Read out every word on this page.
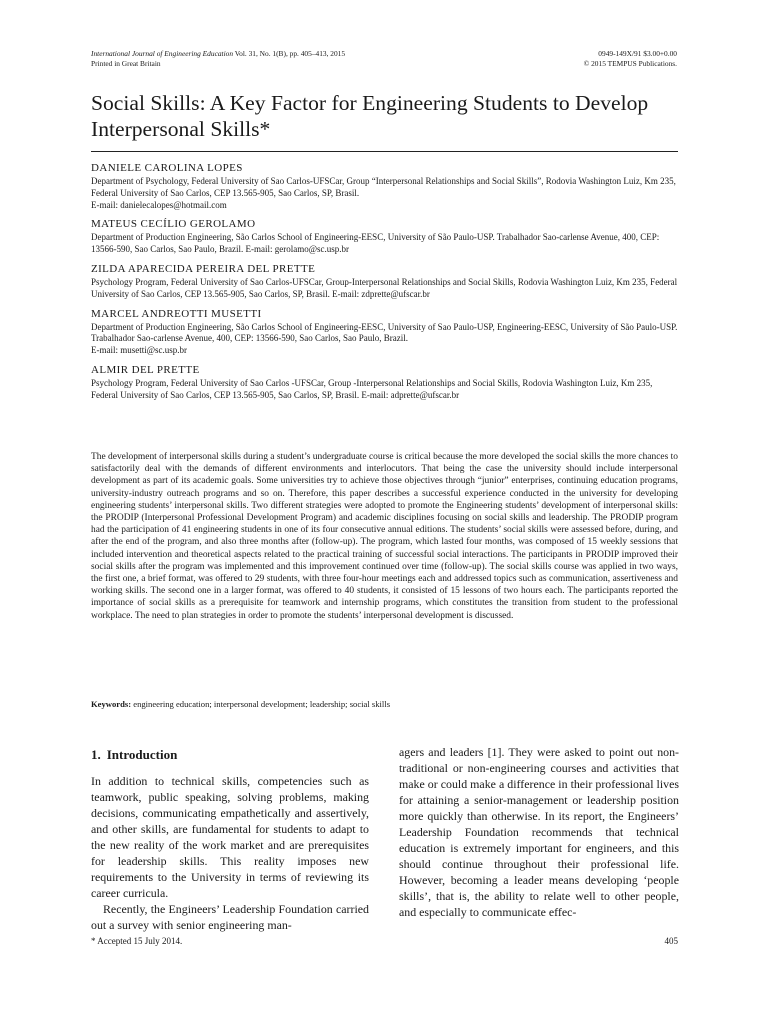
International Journal of Engineering Education Vol. 31, No. 1(B), pp. 405–413, 2015
Printed in Great Britain
0949-149X/91 $3.00+0.00
© 2015 TEMPUS Publications.
Social Skills: A Key Factor for Engineering Students to Develop Interpersonal Skills*
DANIELE CAROLINA LOPES
Department of Psychology, Federal University of Sao Carlos-UFSCar, Group “Interpersonal Relationships and Social Skills”, Rodovia Washington Luiz, Km 235, Federal University of Sao Carlos, CEP 13.565-905, Sao Carlos, SP, Brasil.
E-mail: danielecalopes@hotmail.com
MATEUS CECÍLIO GEROLAMO
Department of Production Engineering, São Carlos School of Engineering-EESC, University of São Paulo-USP. Trabalhador Sao-carlense Avenue, 400, CEP: 13566-590, Sao Carlos, Sao Paulo, Brazil. E-mail: gerolamo@sc.usp.br
ZILDA APARECIDA PEREIRA DEL PRETTE
Psychology Program, Federal University of Sao Carlos-UFSCar, Group-Interpersonal Relationships and Social Skills, Rodovia Washington Luiz, Km 235, Federal University of Sao Carlos, CEP 13.565-905, Sao Carlos, SP, Brasil. E-mail: zdprette@ufscar.br
MARCEL ANDREOTTI MUSETTI
Department of Production Engineering, São Carlos School of Engineering-EESC, University of Sao Paulo-USP, Engineering-EESC, University of São Paulo-USP. Trabalhador Sao-carlense Avenue, 400, CEP: 13566-590, Sao Carlos, Sao Paulo, Brazil.
E-mail: musetti@sc.usp.br
ALMIR DEL PRETTE
Psychology Program, Federal University of Sao Carlos -UFSCar, Group -Interpersonal Relationships and Social Skills, Rodovia Washington Luiz, Km 235, Federal University of Sao Carlos, CEP 13.565-905, Sao Carlos, SP, Brasil. E-mail: adprette@ufscar.br

The development of interpersonal skills during a student’s undergraduate course is critical because the more developed the social skills the more chances to satisfactorily deal with the demands of different environments and interlocutors. That being the case the university should include interpersonal development as part of its academic goals. Some universities try to achieve those objectives through “junior” enterprises, continuing education programs, university-industry outreach programs and so on. Therefore, this paper describes a successful experience conducted in the university for developing engineering students’ interpersonal skills. Two different strategies were adopted to promote the Engineering students’ development of interpersonal skills: the PRODIP (Interpersonal Professional Development Program) and academic disciplines focusing on social skills and leadership. The PRODIP program had the participation of 41 engineering students in one of its four consecutive annual editions. The students’ social skills were assessed before, during, and after the end of the program, and also three months after (follow-up). The program, which lasted four months, was composed of 15 weekly sessions that included intervention and theoretical aspects related to the practical training of successful social interactions. The participants in PRODIP improved their social skills after the program was implemented and this improvement continued over time (follow-up). The social skills course was applied in two ways, the first one, a brief format, was offered to 29 students, with three four-hour meetings each and addressed topics such as communication, assertiveness and working skills. The second one in a larger format, was offered to 40 students, it consisted of 15 lessons of two hours each. The participants reported the importance of social skills as a prerequisite for teamwork and internship programs, which constitutes the transition from student to the professional workplace. The need to plan strategies in order to promote the students’ interpersonal development is discussed.

Keywords: engineering education; interpersonal development; leadership; social skills
1. Introduction

In addition to technical skills, competencies such as teamwork, public speaking, solving problems, making decisions, communicating empathetically and assertively, and other skills, are fundamental for students to adapt to the new reality of the work market and are prerequisites for leadership skills. This reality imposes new requirements to the University in terms of reviewing its career curricula.

Recently, the Engineers’ Leadership Foundation carried out a survey with senior engineering man-

agers and leaders [1]. They were asked to point out non-traditional or non-engineering courses and activities that make or could make a difference in their professional lives for attaining a senior-management or leadership position more quickly than otherwise. In its report, the Engineers’ Leadership Foundation recommends that technical education is extremely important for engineers, and this should continue throughout their professional life. However, becoming a leader means developing ‘people skills’, that is, the ability to relate well to other people, and especially to communicate effec-

* Accepted 15 July 2014.	405
